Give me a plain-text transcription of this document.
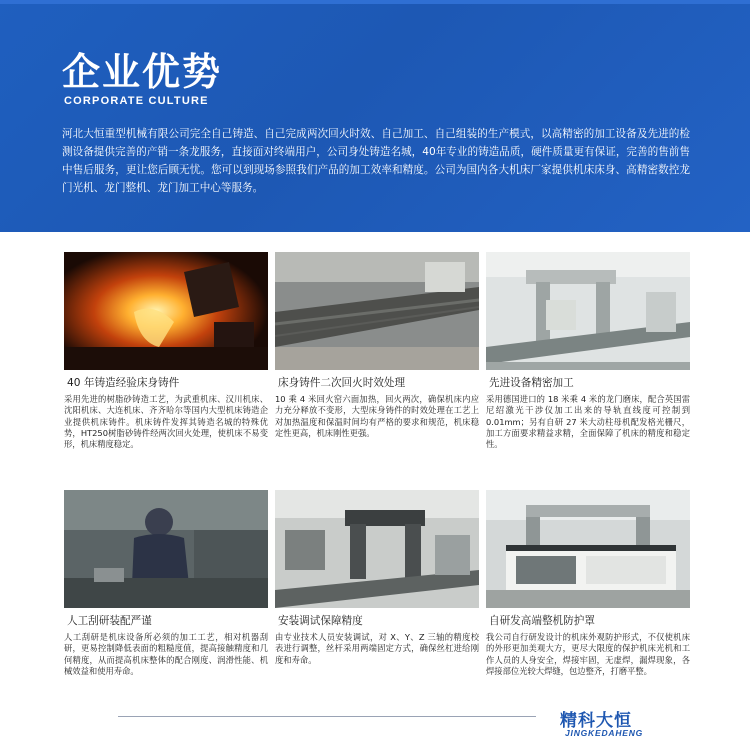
企业优势
CORPORATE CULTURE
河北大恒重型机械有限公司完全自己铸造、自己完成两次回火时效、自己加工、自己组装的生产模式，以高精密的加工设备及先进的检测设备提供完善的产销一条龙服务，直接面对终端用户，公司身处铸造名城，40年专业的铸造品质，硬件质量更有保证，完善的售前售中售后服务，更让您后顾无忧。您可以到现场参照我们产品的加工效率和精度。公司为国内各大机床厂家提供机床床身、高精密数控龙门光机、龙门整机、龙门加工中心等服务。
40 年铸造经验床身铸件
采用先进的树脂砂铸造工艺，为武重机床、汉川机床、沈阳机床、大连机床、齐齐哈尔等国内大型机床铸造企业提供机床铸件。机床铸件发挥其铸造名城的特殊优势，HT250树脂砂铸件经两次回火处理，使机床不易变形，机床精度稳定。
床身铸件二次回火时效处理
10 乘 4 米回火窑六面加热，回火两次，确保机床内应力充分释放不变形，大型床身铸件的时效处理在工艺上对加热温度和保温时间均有严格的要求和规范，机床稳定性更高，机床刚性更强。
先进设备精密加工
采用德国进口的 18 米乘 4 米的龙门磨床，配合英国雷尼绍激光干涉仪加工出来的导轨直线度可控制到 0.01mm；另有自研 27 米大动柱母机配发格光栅尺，加工方面要求精益求精，全面保障了机床的精度和稳定性。
人工刮研装配严谨
人工刮研是机床设备所必须的加工工艺，相对机器刮研，更易控制降低表面的粗糙度值，提高接触精度和几何精度，从而提高机床整体的配合刚度、润滑性能、机械效益和使用寿命。
安装调试保障精度
由专业技术人员安装调试，对 X、Y、Z 三轴的精度校表进行调整，丝杆采用两端固定方式，确保丝杠进给刚度和寿命。
自研发高端整机防护罩
我公司自行研发设计的机床外观防护形式，不仅使机床的外形更加美观大方，更尽大限度的保护机床光机和工作人员的人身安全，焊接牢固，无虚焊，漏焊现象，各焊接部位光较大焊缝，包边整齐，打磨平整。
精科大恒
JINGKEDAHENG
